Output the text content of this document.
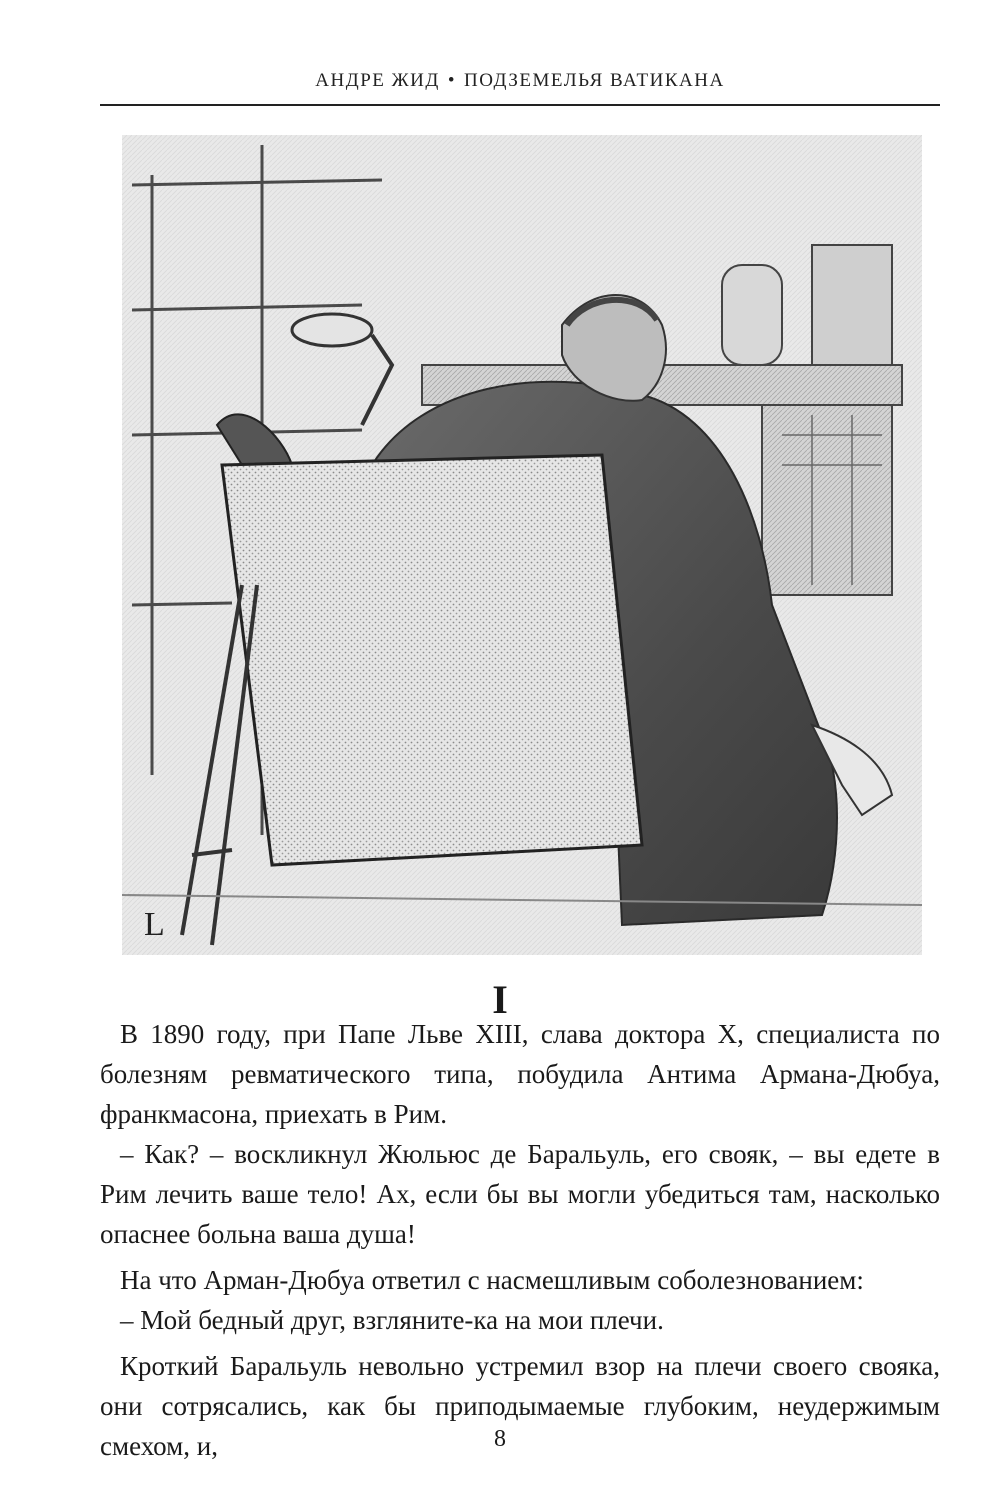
АНДРЕ ЖИД • ПОДЗЕМЕЛЬЯ ВАТИКАНА
L
I

В 1890 году, при Папе Льве XIII, слава доктора Х, специалиста по болезням ревматического типа, побудила Антима Армана-Дюбуа, франкмасона, приехать в Рим.

– Как? – воскликнул Жюльюс де Баральуль, его свояк, – вы едете в Рим лечить ваше тело! Ах, если бы вы могли убедиться там, насколько опаснее больна ваша душа!

На что Арман-Дюбуа ответил с насмешливым соболезнованием:

– Мой бедный друг, взгляните-ка на мои плечи.

Кроткий Баральуль невольно устремил взор на плечи своего свояка, они сотрясались, как бы приподымаемые глубоким, неудержимым смехом, и,	8
